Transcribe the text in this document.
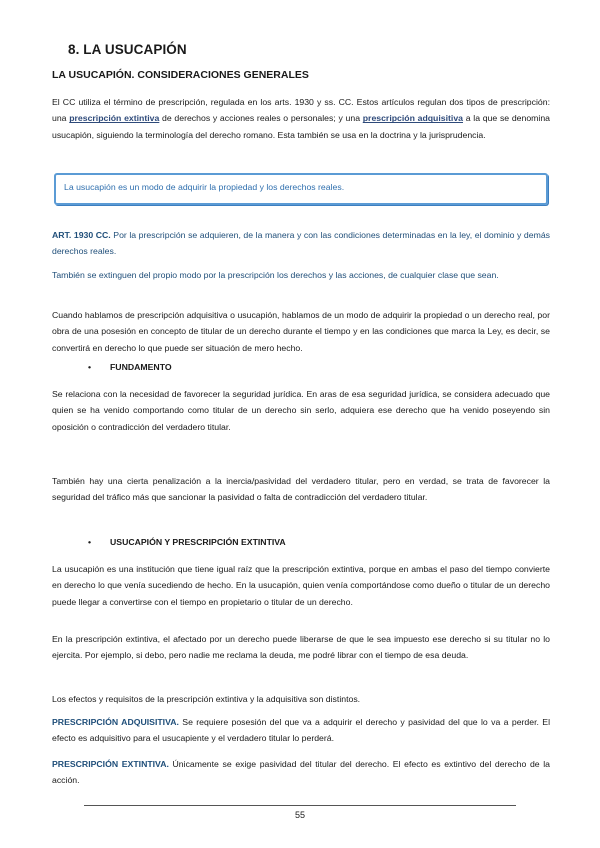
8. LA USUCAPIÓN
LA USUCAPIÓN. CONSIDERACIONES GENERALES

El CC utiliza el término de prescripción, regulada en los arts. 1930 y ss. CC. Estos artículos regulan dos tipos de prescripción: una prescripción extintiva de derechos y acciones reales o personales; y una prescripción adquisitiva a la que se denomina usucapión, siguiendo la terminología del derecho romano. Esta también se usa en la doctrina y la jurisprudencia.

La usucapión es un modo de adquirir la propiedad y los derechos reales.

ART. 1930 CC. Por la prescripción se adquieren, de la manera y con las condiciones determinadas en la ley, el dominio y demás derechos reales.

También se extinguen del propio modo por la prescripción los derechos y las acciones, de cualquier clase que sean.

Cuando hablamos de prescripción adquisitiva o usucapión, hablamos de un modo de adquirir la propiedad o un derecho real, por obra de una posesión en concepto de titular de un derecho durante el tiempo y en las condiciones que marca la Ley, es decir, se convertirá en derecho lo que puede ser situación de mero hecho.

• FUNDAMENTO

Se relaciona con la necesidad de favorecer la seguridad jurídica. En aras de esa seguridad jurídica, se considera adecuado que quien se ha venido comportando como titular de un derecho sin serlo, adquiera ese derecho que ha venido poseyendo sin oposición o contradicción del verdadero titular.

También hay una cierta penalización a la inercia/pasividad del verdadero titular, pero en verdad, se trata de favorecer la seguridad del tráfico más que sancionar la pasividad o falta de contradicción del verdadero titular.

• USUCAPIÓN Y PRESCRIPCIÓN EXTINTIVA

La usucapión es una institución que tiene igual raíz que la prescripción extintiva, porque en ambas el paso del tiempo convierte en derecho lo que venía sucediendo de hecho. En la usucapión, quien venía comportándose como dueño o titular de un derecho puede llegar a convertirse con el tiempo en propietario o titular de un derecho.

En la prescripción extintiva, el afectado por un derecho puede liberarse de que le sea impuesto ese derecho si su titular no lo ejercita. Por ejemplo, si debo, pero nadie me reclama la deuda, me podré librar con el tiempo de esa deuda.

Los efectos y requisitos de la prescripción extintiva y la adquisitiva son distintos.

PRESCRIPCIÓN ADQUISITIVA. Se requiere posesión del que va a adquirir el derecho y pasividad del que lo va a perder. El efecto es adquisitivo para el usucapiente y el verdadero titular lo perderá.

PRESCRIPCIÓN EXTINTIVA. Únicamente se exige pasividad del titular del derecho. El efecto es extintivo del derecho de la acción.

55
